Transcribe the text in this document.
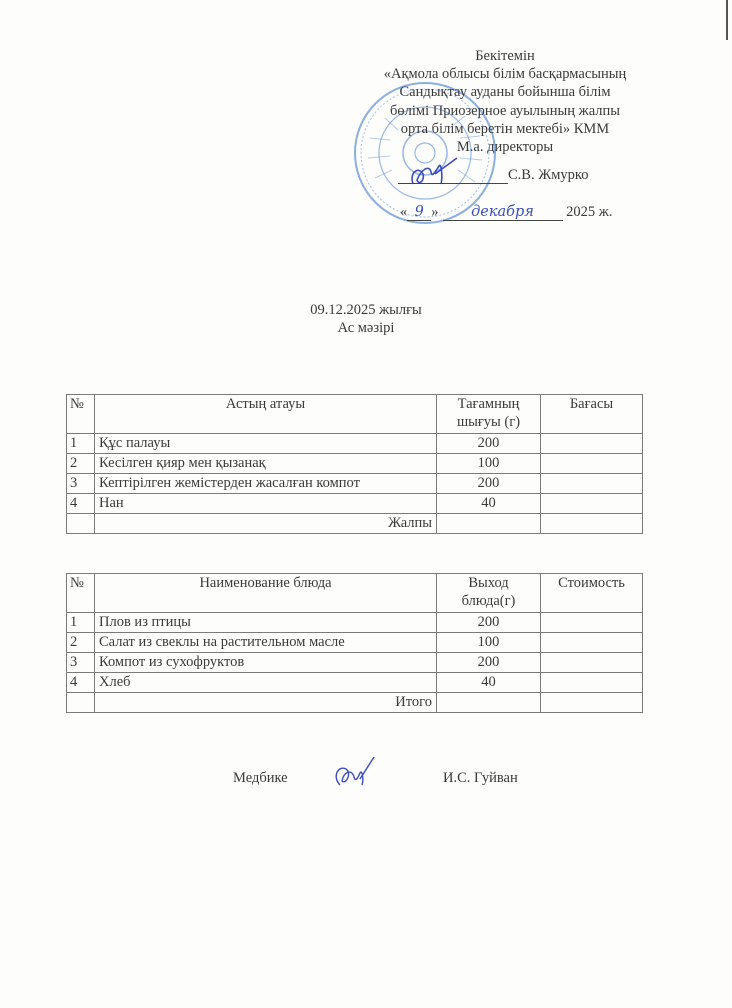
Бекітемін
«Ақмола облысы білім басқармасының
Сандықтау ауданы бойынша білім
бөлімі Приозерное ауылының жалпы
орта білім беретін мектебі» КММ
М.а. директоры
С.В. Жмурко
« 9 » декабря 2025 ж.
09.12.2025 жылғы
Ас мәзірі
№	Астың атауы	Тағамның шығуы (г)	Бағасы
1	Құс палауы	200	
2	Кесілген қияр мен қызанақ	100	
3	Кептірілген жемістерден жасалған компот	200	
4	Нан	40	
	Жалпы		
№	Наименование блюда	Выход блюда(г)	Стоимость
1	Плов из птицы	200	
2	Салат из свеклы на растительном масле	100	
3	Компот из сухофруктов	200	
4	Хлеб	40	
	Итого		
Медбике	И.С. Гуйван
